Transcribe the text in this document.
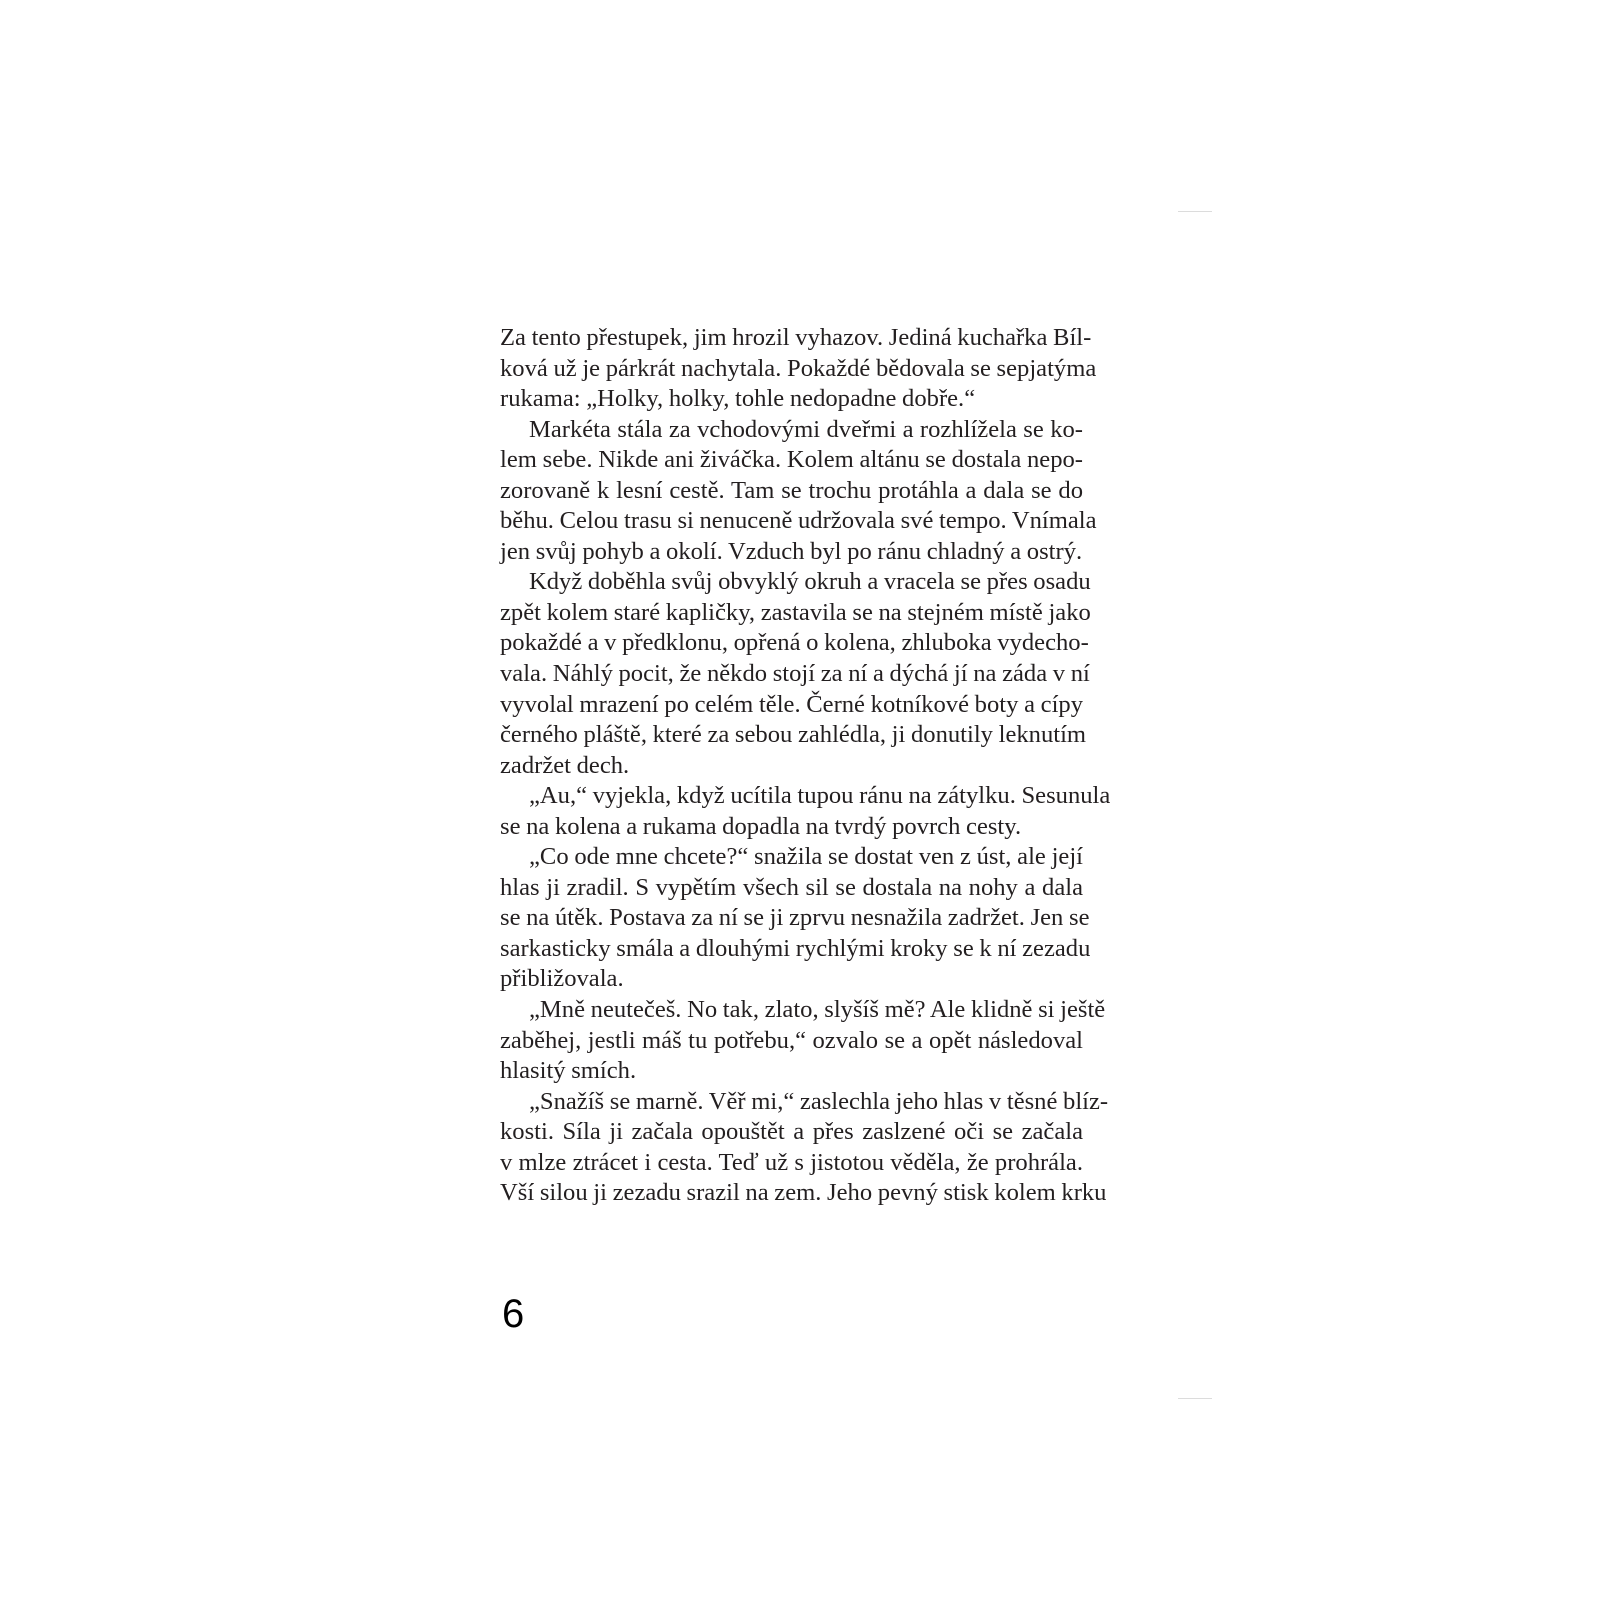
Za tento přestupek, jim hrozil vyhazov. Jediná kuchařka Bíl-
ková už je párkrát nachytala. Pokaždé bědovala se sepjatýma
rukama: „Holky, holky, tohle nedopadne dobře.“
Markéta stála za vchodovými dveřmi a rozhlížela se ko-
lem sebe. Nikde ani živáčka. Kolem altánu se dostala nepo-
zorovaně k lesní cestě. Tam se trochu protáhla a dala se do
běhu. Celou trasu si nenuceně udržovala své tempo. Vnímala
jen svůj pohyb a okolí. Vzduch byl po ránu chladný a ostrý.
Když doběhla svůj obvyklý okruh a vracela se přes osadu
zpět kolem staré kapličky, zastavila se na stejném místě jako
pokaždé a v předklonu, opřená o kolena, zhluboka vydecho-
vala. Náhlý pocit, že někdo stojí za ní a dýchá jí na záda v ní
vyvolal mrazení po celém těle. Černé kotníkové boty a cípy
černého pláště, které za sebou zahlédla, ji donutily leknutím
zadržet dech.
„Au,“ vyjekla, když ucítila tupou ránu na zátylku. Sesunula
se na kolena a rukama dopadla na tvrdý povrch cesty.
„Co ode mne chcete?“ snažila se dostat ven z úst, ale její
hlas ji zradil. S vypětím všech sil se dostala na nohy a dala
se na útěk. Postava za ní se ji zprvu nesnažila zadržet. Jen se
sarkasticky smála a dlouhými rychlými kroky se k ní zezadu
přibližovala.
„Mně neutečeš. No tak, zlato, slyšíš mě? Ale klidně si ještě
zaběhej, jestli máš tu potřebu,“ ozvalo se a opět následoval
hlasitý smích.
„Snažíš se marně. Věř mi,“ zaslechla jeho hlas v těsné blíz-
kosti. Síla ji začala opouštět a přes zaslzené oči se začala
v mlze ztrácet i cesta. Teď už s jistotou věděla, že prohrála.
Vší silou ji zezadu srazil na zem. Jeho pevný stisk kolem krku
6
